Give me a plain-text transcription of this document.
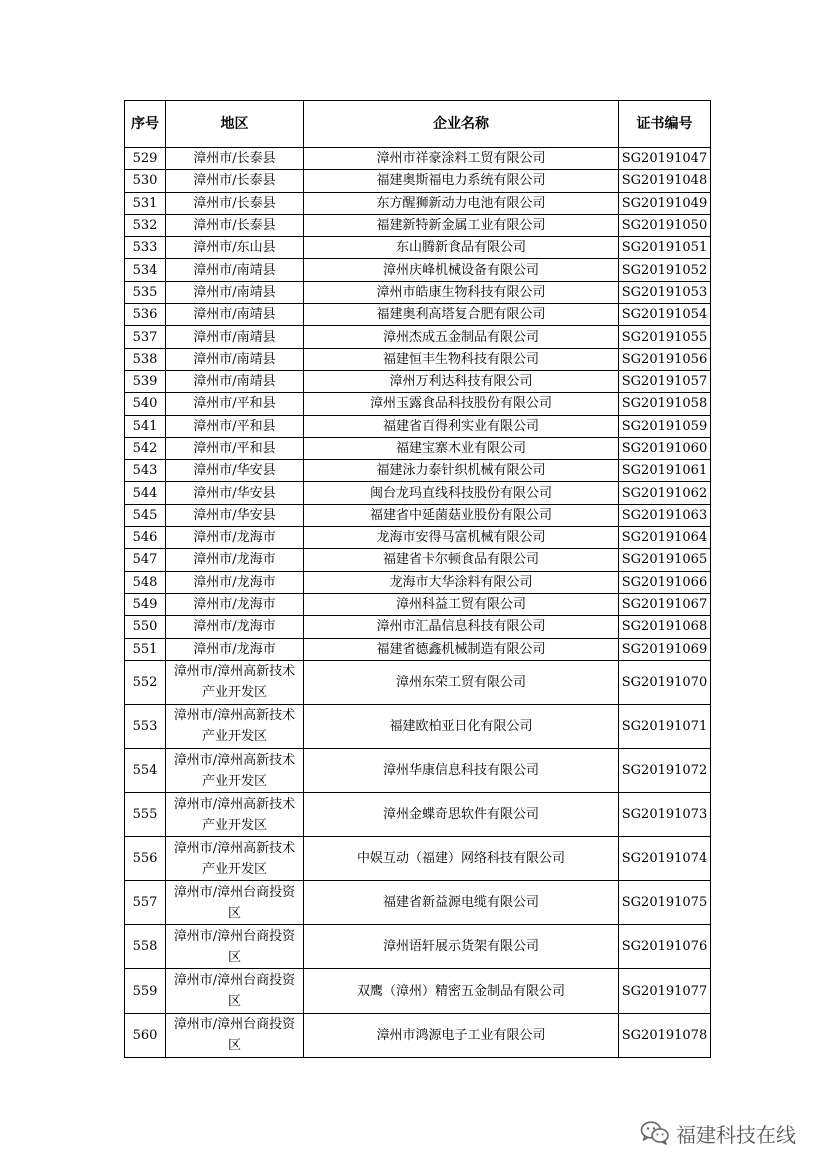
序号	地区	企业名称	证书编号
529	漳州市/长泰县	漳州市祥豪涂料工贸有限公司	SG20191047
530	漳州市/长泰县	福建奥斯福电力系统有限公司	SG20191048
531	漳州市/长泰县	东方醒狮新动力电池有限公司	SG20191049
532	漳州市/长泰县	福建新特新金属工业有限公司	SG20191050
533	漳州市/东山县	东山腾新食品有限公司	SG20191051
534	漳州市/南靖县	漳州庆峰机械设备有限公司	SG20191052
535	漳州市/南靖县	漳州市皓康生物科技有限公司	SG20191053
536	漳州市/南靖县	福建奥利高塔复合肥有限公司	SG20191054
537	漳州市/南靖县	漳州杰成五金制品有限公司	SG20191055
538	漳州市/南靖县	福建恒丰生物科技有限公司	SG20191056
539	漳州市/南靖县	漳州万利达科技有限公司	SG20191057
540	漳州市/平和县	漳州玉露食品科技股份有限公司	SG20191058
541	漳州市/平和县	福建省百得利实业有限公司	SG20191059
542	漳州市/平和县	福建宝寨木业有限公司	SG20191060
543	漳州市/华安县	福建泳力泰针织机械有限公司	SG20191061
544	漳州市/华安县	闽台龙玛直线科技股份有限公司	SG20191062
545	漳州市/华安县	福建省中延菌菇业股份有限公司	SG20191063
546	漳州市/龙海市	龙海市安得马富机械有限公司	SG20191064
547	漳州市/龙海市	福建省卡尔顿食品有限公司	SG20191065
548	漳州市/龙海市	龙海市大华涂料有限公司	SG20191066
549	漳州市/龙海市	漳州科益工贸有限公司	SG20191067
550	漳州市/龙海市	漳州市汇晶信息科技有限公司	SG20191068
551	漳州市/龙海市	福建省德鑫机械制造有限公司	SG20191069
552	漳州市/漳州高新技术产业开发区	漳州东荣工贸有限公司	SG20191070
553	漳州市/漳州高新技术产业开发区	福建欧柏亚日化有限公司	SG20191071
554	漳州市/漳州高新技术产业开发区	漳州华康信息科技有限公司	SG20191072
555	漳州市/漳州高新技术产业开发区	漳州金蝶奇思软件有限公司	SG20191073
556	漳州市/漳州高新技术产业开发区	中娱互动（福建）网络科技有限公司	SG20191074
557	漳州市/漳州台商投资区	福建省新益源电缆有限公司	SG20191075
558	漳州市/漳州台商投资区	漳州语轩展示货架有限公司	SG20191076
559	漳州市/漳州台商投资区	双鹰（漳州）精密五金制品有限公司	SG20191077
560	漳州市/漳州台商投资区	漳州市鸿源电子工业有限公司	SG20191078
福建科技在线
